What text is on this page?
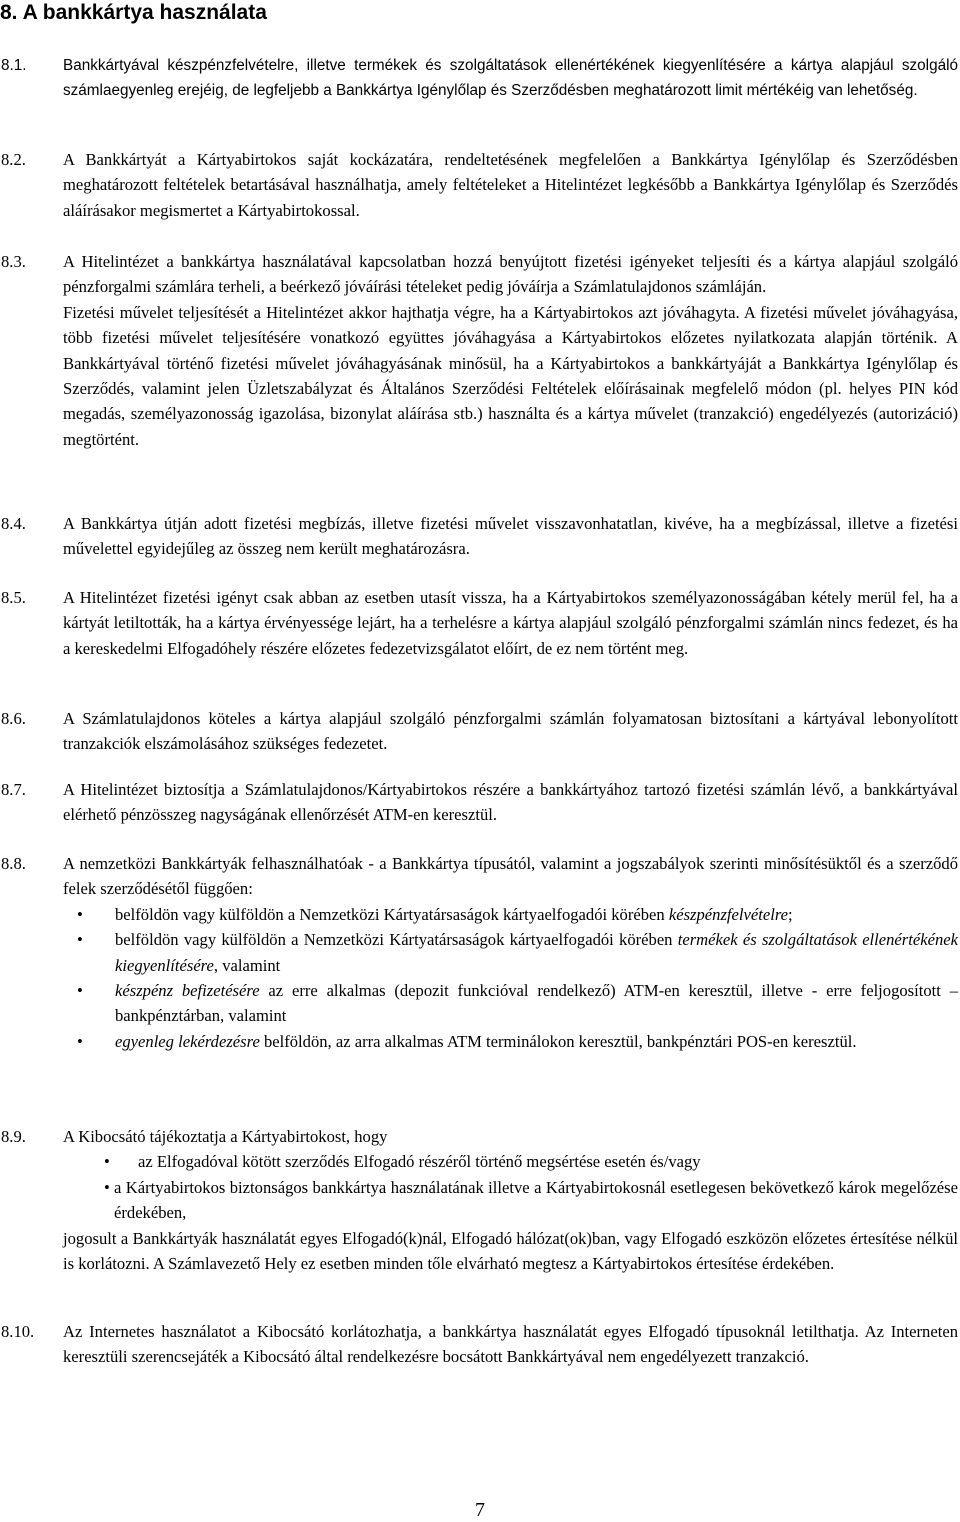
8. A bankkártya használata
8.1. Bankkártyával készpénzfelvételre, illetve termékek és szolgáltatások ellenértékének kiegyenlítésére a kártya alapjául szolgáló számlaegyenleg erejéig, de legfeljebb a Bankkártya Igénylőlap és Szerződésben meghatározott limit mértékéig van lehetőség.

8.2. A Bankkártyát a Kártyabirtokos saját kockázatára, rendeltetésének megfelelően a Bankkártya Igénylőlap és Szerződésben meghatározott feltételek betartásával használhatja, amely feltételeket a Hitelintézet legkésőbb a Bankkártya Igénylőlap és Szerződés aláírásakor megismertet a Kártyabirtokossal.

8.3. A Hitelintézet a bankkártya használatával kapcsolatban hozzá benyújtott fizetési igényeket teljesíti és a kártya alapjául szolgáló pénzforgalmi számlára terheli, a beérkező jóváírási tételeket pedig jóváírja a Számlatulajdonos számláján.

Fizetési művelet teljesítését a Hitelintézet akkor hajthatja végre, ha a Kártyabirtokos azt jóváhagyta. A fizetési művelet jóváhagyása, több fizetési művelet teljesítésére vonatkozó együttes jóváhagyása a Kártyabirtokos előzetes nyilatkozata alapján történik. A Bankkártyával történő fizetési művelet jóváhagyásának minősül, ha a Kártyabirtokos a bankkártyáját a Bankkártya Igénylőlap és Szerződés, valamint jelen Üzletszabályzat és Általános Szerződési Feltételek előírásainak megfelelő módon (pl. helyes PIN kód megadás, személyazonosság igazolása, bizonylat aláírása stb.) használta és a kártya művelet (tranzakció) engedélyezés (autorizáció) megtörtént.

8.4. A Bankkártya útján adott fizetési megbízás, illetve fizetési művelet visszavonhatatlan, kivéve, ha a megbízással, illetve a fizetési művelettel egyidejűleg az összeg nem került meghatározásra.

8.5. A Hitelintézet fizetési igényt csak abban az esetben utasít vissza, ha a Kártyabirtokos személyazonosságában kétely merül fel, ha a kártyát letiltották, ha a kártya érvényessége lejárt, ha a terhelésre a kártya alapjául szolgáló pénzforgalmi számlán nincs fedezet, és ha a kereskedelmi Elfogadóhely részére előzetes fedezetvizsgálatot előírt, de ez nem történt meg.

8.6. A Számlatulajdonos köteles a kártya alapjául szolgáló pénzforgalmi számlán folyamatosan biztosítani a kártyával lebonyolított tranzakciók elszámolásához szükséges fedezetet.

8.7. A Hitelintézet biztosítja a Számlatulajdonos/Kártyabirtokos részére a bankkártyához tartozó fizetési számlán lévő, a bankkártyával elérhető pénzösszeg nagyságának ellenőrzését ATM-en keresztül.

8.8. A nemzetközi Bankkártyák felhasználhatóak - a Bankkártya típusától, valamint a jogszabályok szerinti minősítésüktől és a szerződő felek szerződésétől függően:

• belföldön vagy külföldön a Nemzetközi Kártyatársaságok kártyaelfogadói körében készpénzfelvételre;
• belföldön vagy külföldön a Nemzetközi Kártyatársaságok kártyaelfogadói körében termékek és szolgáltatások ellenértékének kiegyenlítésére, valamint
• készpénz befizetésére az erre alkalmas (depozit funkcióval rendelkező) ATM-en keresztül, illetve - erre feljogosított – bankpénztárban, valamint
• egyenleg lekérdezésre belföldön, az arra alkalmas ATM terminálokon keresztül, bankpénztári POS-en keresztül.
8.9. A Kibocsátó tájékoztatja a Kártyabirtokost, hogy

• az Elfogadóval kötött szerződés Elfogadó részéről történő megsértése esetén és/vagy
• a Kártyabirtokos biztonságos bankkártya használatának illetve a Kártyabirtokosnál esetlegesen bekövetkező károk megelőzése érdekében,

jogosult a Bankkártyák használatát egyes Elfogadó(k)nál, Elfogadó hálózat(ok)ban, vagy Elfogadó eszközön előzetes értesítése nélkül is korlátozni. A Számlavezető Hely ez esetben minden tőle elvárható megtesz a Kártyabirtokos értesítése érdekében.

8.10. Az Internetes használatot a Kibocsátó korlátozhatja, a bankkártya használatát egyes Elfogadó típusoknál letilthatja. Az Interneten keresztüli szerencsejáték a Kibocsátó által rendelkezésre bocsátott Bankkártyával nem engedélyezett tranzakció.

7
